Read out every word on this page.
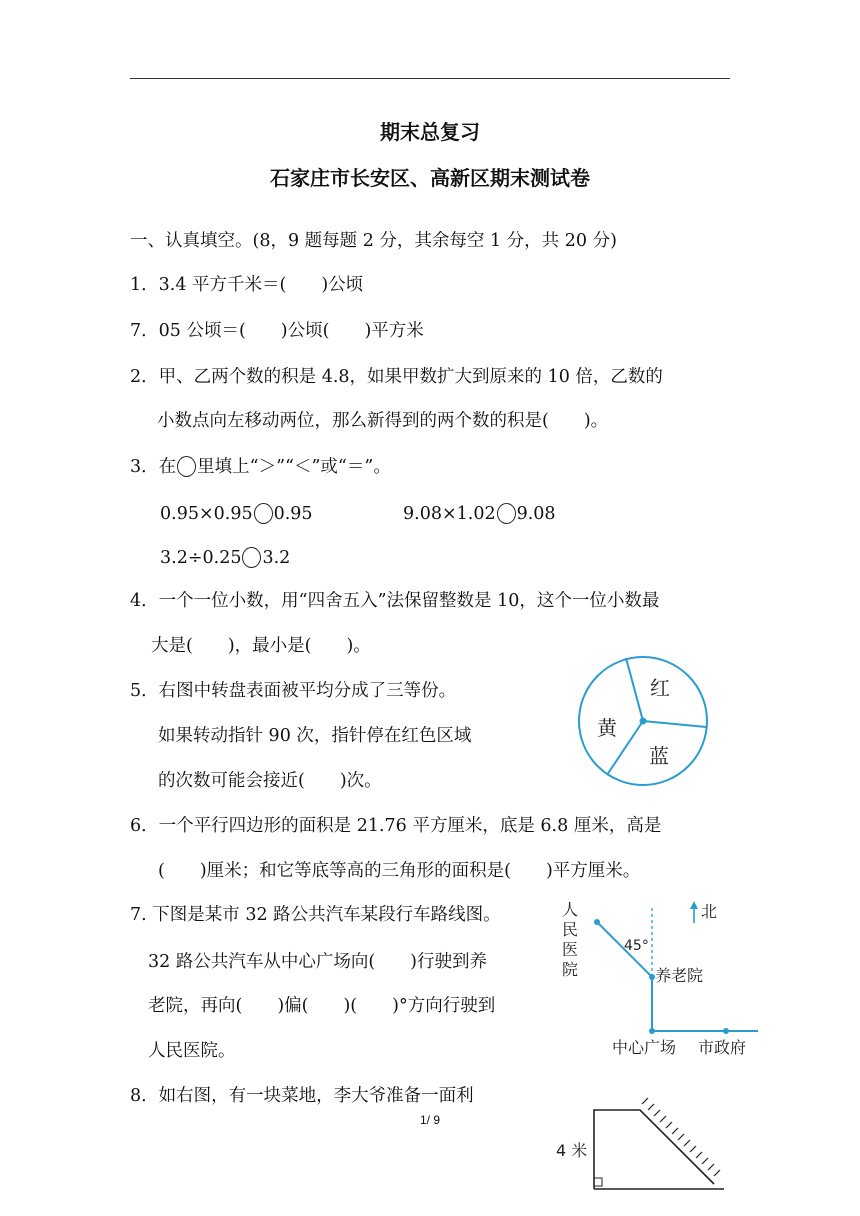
期末总复习
石家庄市长安区、高新区期末测试卷
一、认真填空。(8，9 题每题 2 分，其余每空 1 分，共 20 分)
1．3.4 平方千米＝(　　)公顷
7．05 公顷＝(　　)公顷(　　)平方米
2．甲、乙两个数的积是 4.8，如果甲数扩大到原来的 10 倍，乙数的
小数点向左移动两位，那么新得到的两个数的积是(　　)。
3．在 里填上“＞”“＜”或“＝”。
0.95×0.95 0.95	9.08×1.02 9.08
3.2÷0.25 3.2
4．一个一位小数，用“四舍五入”法保留整数是 10，这个一位小数最
大是(　　)，最小是(　　)。
5．右图中转盘表面被平均分成了三等份。
如果转动指针 90 次，指针停在红色区域
的次数可能会接近(　　)次。
红
黄
蓝
6．一个平行四边形的面积是 21.76 平方厘米，底是 6.8 厘米，高是
(　　)厘米；和它等底等高的三角形的面积是(　　)平方厘米。
7. 下图是某市 32 路公共汽车某段行车路线图。
32 路公共汽车从中心广场向(　　)行驶到养
老院，再向(　　)偏(　　)(　　)°方向行驶到
人民医院。
人
民
医
院
45°
养老院
中心广场 市政府
北
8．如右图，有一块菜地，李大爷准备一面利
1/ 9
4 米
